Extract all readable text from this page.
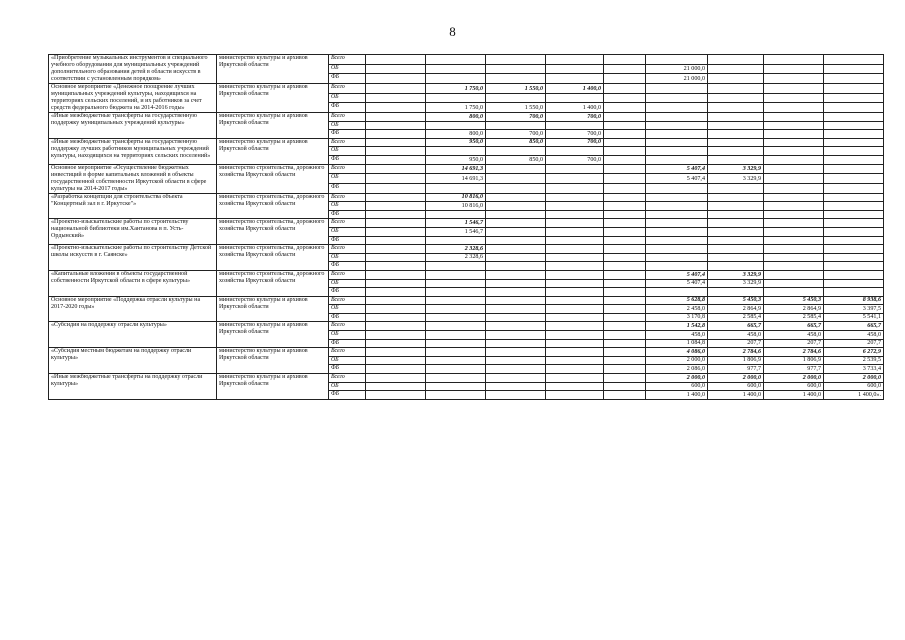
8
«Приобретение музыкальных инструментов и специального учебного оборудования для муниципальных учреждений дополнительного образования детей в области искусств в соответствии с установленным порядком»	министерство культуры и архивов Иркутской области	Всего									
		ОБ						21 000,0			
		ФБ						21 000,0			
Основное мероприятие «Денежное поощрение лучших муниципальных учреждений культуры, находящихся на территориях сельских поселений, и их работников за счет средств федерального бюджета на 2014-2016 годы»	министерство культуры и архивов Иркутской области	Всего		1 750,0	1 550,0	1 400,0					
		ОБ									
		ФБ		1 750,0	1 550,0	1 400,0					
«Иные межбюджетные трансферты на государственную поддержку муниципальных учреждений культуры»	министерство культуры и архивов Иркутской области	Всего		800,0	700,0	700,0					
		ОБ									
		ФБ		800,0	700,0	700,0					
«Иные межбюджетные трансферты на государственную поддержку лучших работников муниципальных учреждений культуры, находящихся на территориях сельских поселений»	министерство культуры и архивов Иркутской области	Всего		950,0	850,0	700,0					
		ОБ									
		ФБ		950,0	850,0	700,0					
Основное мероприятие «Осуществление бюджетных инвестиций в форме капитальных вложений в объекты государственной собственности Иркутской области в сфере культуры на 2014-2017 годы»	министерство строительства, дорожного хозяйства Иркутской области	Всего		14 691,3				5 407,4	3 329,9		
		ОБ		14 691,3				5 407,4	3 329,9		
		ФБ									
«Разработка концепции для строительства объекта "Концертный зал в г. Иркутске"»	министерство строительства, дорожного хозяйства Иркутской области	Всего		10 816,0							
		ОБ		10 816,0							
		ФБ									
«Проектно-изыскательские работы по строительству национальной библиотеки им.Хантанова в п. Усть-Ордынский»	министерство строительства, дорожного хозяйства Иркутской области	Всего		1 546,7							
		ОБ		1 546,7							
		ФБ									
«Проектно-изыскательские работы по строительству Детской школы искусств в г. Саянске»	министерство строительства, дорожного хозяйства Иркутской области	Всего		2 328,6							
		ОБ		2 328,6							
		ФБ									
«Капитальные вложения в объекты государственной собственности Иркутской области в сфере культуры»	министерство строительства, дорожного хозяйства Иркутской области	Всего						5 407,4	3 329,9		
		ОБ						5 407,4	3 329,9		
		ФБ									
Основное мероприятие «Поддержка отрасли культуры на 2017-2020 годы»	министерство культуры и архивов Иркутской области	Всего						5 628,8	5 450,3	5 450,3	8 938,6
		ОБ						2 458,0	2 864,9	2 864,9	3 397,5
		ФБ						3 170,8	2 585,4	2 585,4	5 541,1
«Субсидия на поддержку отрасли культуры»	министерство культуры и архивов Иркутской области	Всего						1 542,8	665,7	665,7	665,7
		ОБ						458,0	458,0	458,0	458,0
		ФБ						1 084,8	207,7	207,7	207,7
«Субсидия местным бюджетам на поддержку отрасли культуры»	министерство культуры и архивов Иркутской области	Всего						4 086,0	2 784,6	2 784,6	6 272,9
		ОБ						2 000,0	1 806,9	1 806,9	2 539,5
		ФБ						2 086,0	977,7	977,7	3 733,4
«Иные межбюджетные трансферты на поддержку отрасли культуры»	министерство культуры и архивов Иркутской области	Всего						2 000,0	2 000,0	2 000,0	2 000,0
		ОБ						600,0	600,0	600,0	600,0
		ФБ						1 400,0	1 400,0	1 400,0	1 400,0».
